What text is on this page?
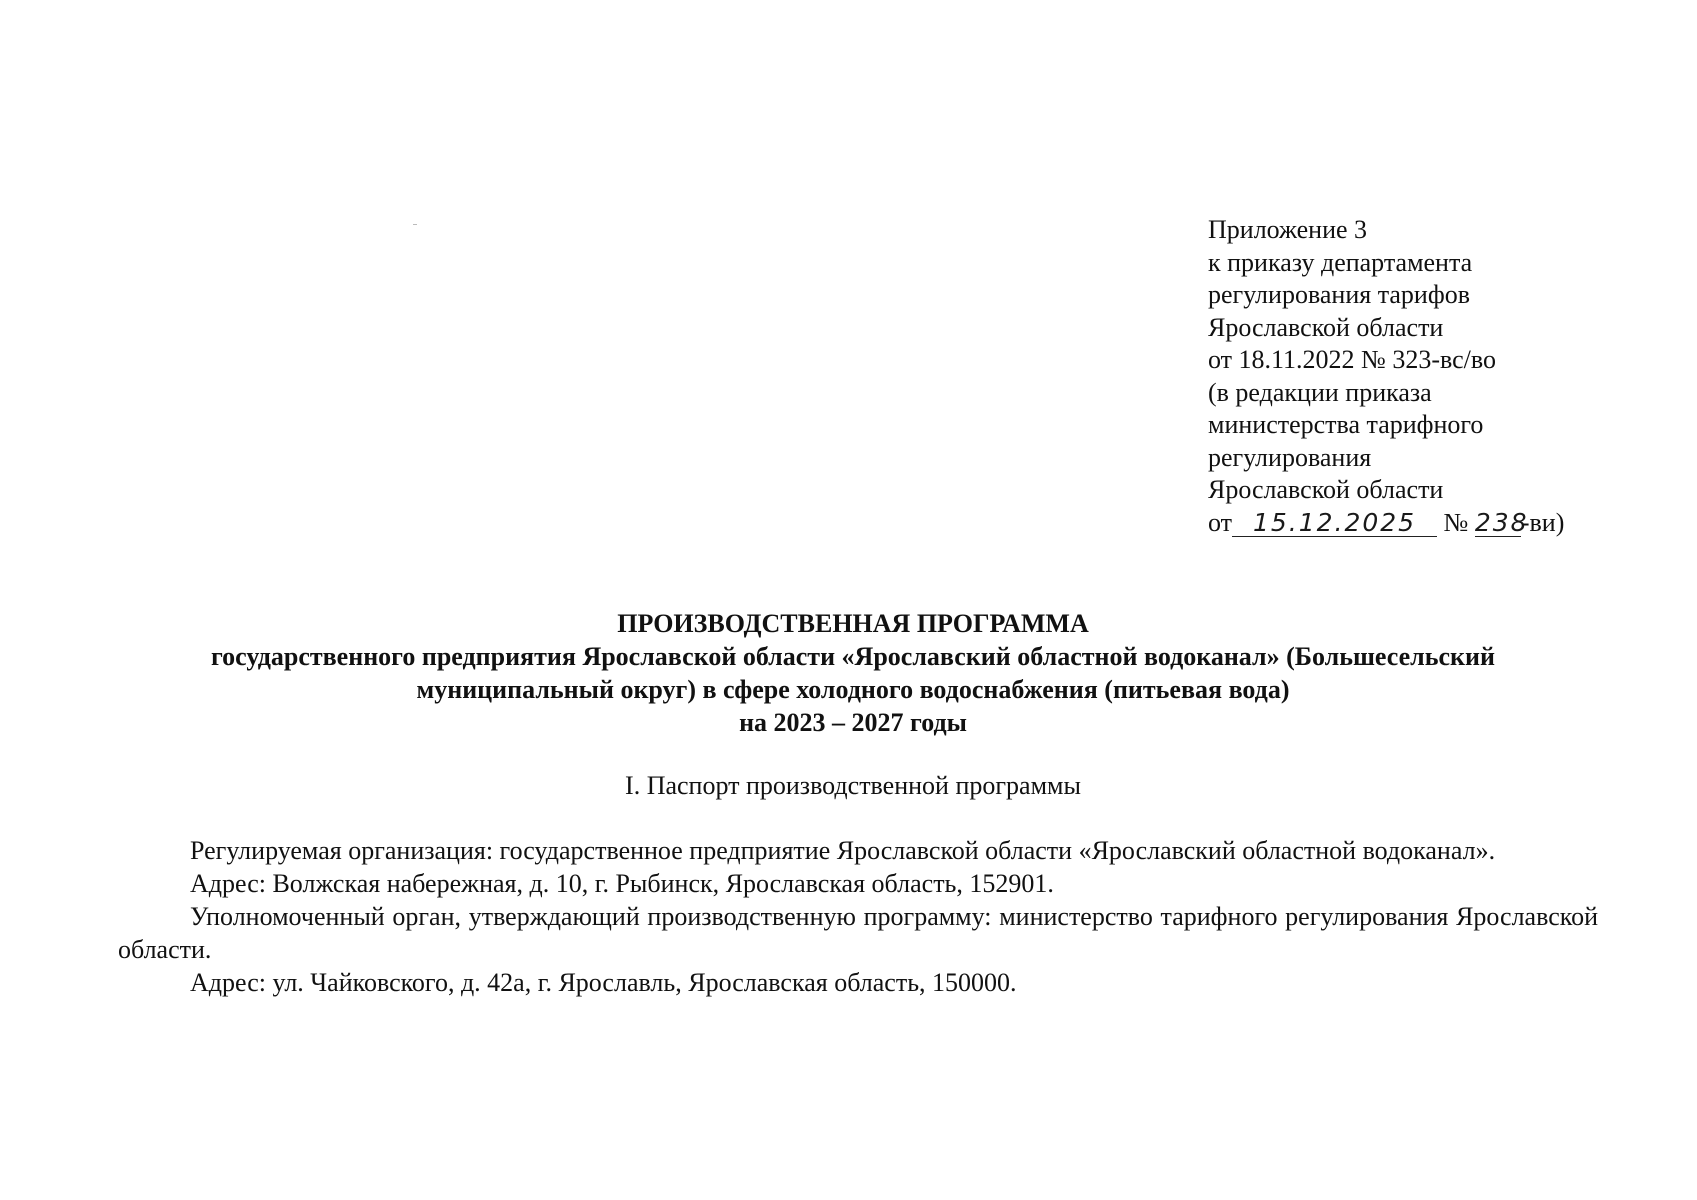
Приложение 3
к приказу департамента
регулирования тарифов
Ярославской области
от 18.11.2022 № 323-вс/во
(в редакции приказа
министерства тарифного
регулирования
Ярославской области
от 15.12.2025 № 238-ви)
ПРОИЗВОДСТВЕННАЯ ПРОГРАММА
государственного предприятия Ярославской области «Ярославский областной водоканал» (Большесельский
муниципальный округ) в сфере холодного водоснабжения (питьевая вода)
на 2023 – 2027 годы
I. Паспорт производственной программы

Регулируемая организация: государственное предприятие Ярославской области «Ярославский областной водоканал».

Адрес: Волжская набережная, д. 10, г. Рыбинск, Ярославская область, 152901.

Уполномоченный орган, утверждающий производственную программу: министерство тарифного регулирования Ярославской области.

Адрес: ул. Чайковского, д. 42а, г. Ярославль, Ярославская область, 150000.
